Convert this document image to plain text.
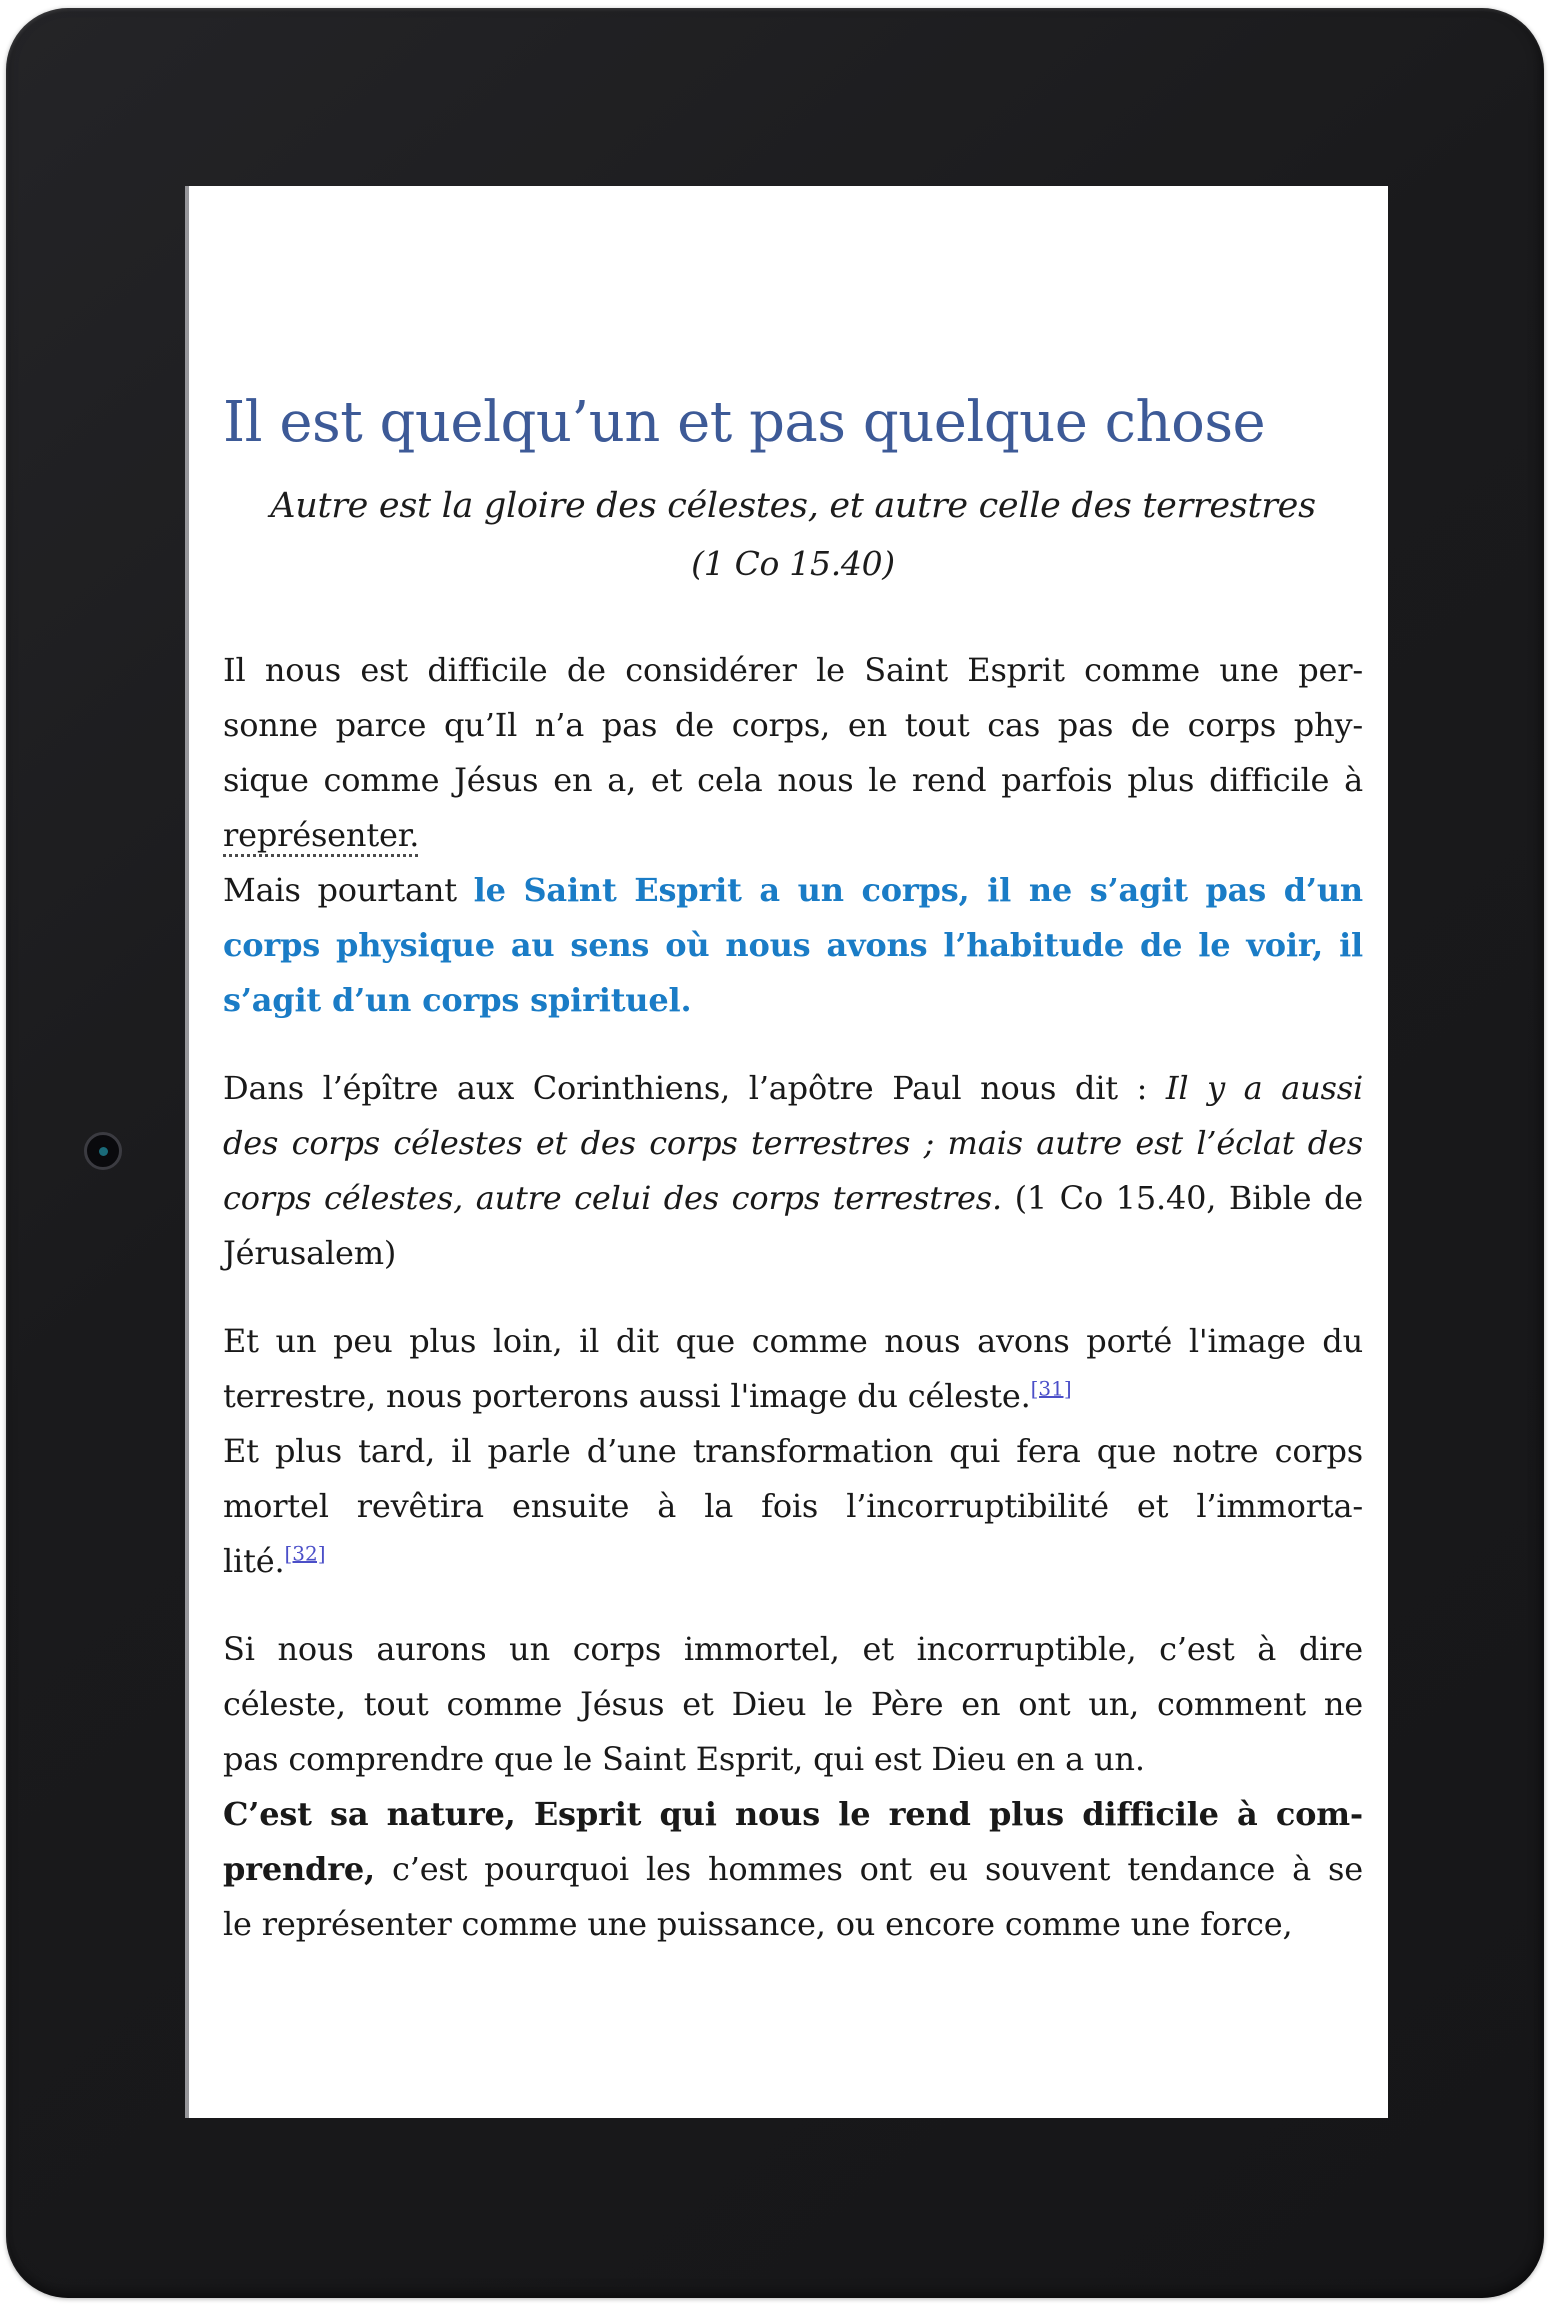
Il est quelqu’un et pas quelque chose
Autre est la gloire des célestes, et autre celle des terrestres
(1 Co 15.40)
Il nous est difficile de considérer le Saint Esprit comme une per-
sonne parce qu’Il n’a pas de corps, en tout cas pas de corps phy-
sique comme Jésus en a, et cela nous le rend parfois plus difficile à
représenter.
Mais pourtant le Saint Esprit a un corps, il ne s’agit pas d’un
corps physique au sens où nous avons l’habitude de le voir, il
s’agit d’un corps spirituel.
Dans l’épître aux Corinthiens, l’apôtre Paul nous dit : Il y a aussi
des corps célestes et des corps terrestres ; mais autre est l’éclat des
corps célestes, autre celui des corps terrestres. (1 Co 15.40, Bible de
Jérusalem)
Et un peu plus loin, il dit que comme nous avons porté l'image du
terrestre, nous porterons aussi l'image du céleste.[31]
Et plus tard, il parle d’une transformation qui fera que notre corps
mortel revêtira ensuite à la fois l’incorruptibilité et l’immorta-
lité.[32]
Si nous aurons un corps immortel, et incorruptible, c’est à dire
céleste, tout comme Jésus et Dieu le Père en ont un, comment ne
pas comprendre que le Saint Esprit, qui est Dieu en a un.
C’est sa nature, Esprit qui nous le rend plus difficile à com-
prendre, c’est pourquoi les hommes ont eu souvent tendance à se
le représenter comme une puissance, ou encore comme une force,
